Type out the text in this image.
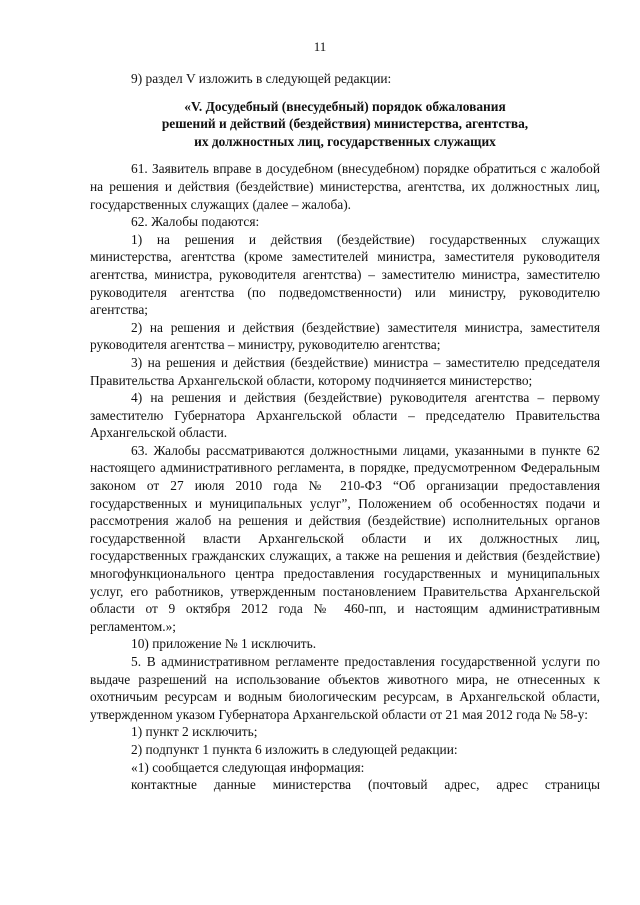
11

9) раздел V изложить в следующей редакции:

«V. Досудебный (внесудебный) порядок обжалования
решений и действий (бездействия) министерства, агентства,
их должностных лиц, государственных служащих

61. Заявитель вправе в досудебном (внесудебном) порядке обратиться с жалобой на решения и действия (бездействие) министерства, агентства, их должностных лиц, государственных служащих (далее – жалоба).

62. Жалобы подаются:

1) на решения и действия (бездействие) государственных служащих министерства, агентства (кроме заместителей министра, заместителя руководителя агентства, министра, руководителя агентства) – заместителю министра, заместителю руководителя агентства (по подведомственности) или министру, руководителю агентства;

2) на решения и действия (бездействие) заместителя министра, заместителя руководителя агентства – министру, руководителю агентства;

3) на решения и действия (бездействие) министра – заместителю председателя Правительства Архангельской области, которому подчиняется министерство;

4) на решения и действия (бездействие) руководителя агентства – первому заместителю Губернатора Архангельской области – председателю Правительства Архангельской области.

63. Жалобы рассматриваются должностными лицами, указанными в пункте 62 настоящего административного регламента, в порядке, предусмотренном Федеральным законом от 27 июля 2010 года № 210-ФЗ “Об организации предоставления государственных и муниципальных услуг”, Положением об особенностях подачи и рассмотрения жалоб на решения и действия (бездействие) исполнительных органов государственной власти Архангельской области и их должностных лиц, государственных гражданских служащих, а также на решения и действия (бездействие) многофункционального центра предоставления государственных и муниципальных услуг, его работников, утвержденным постановлением Правительства Архангельской области от 9 октября 2012 года № 460-пп, и настоящим административным регламентом.»;

10) приложение № 1 исключить.

5. В административном регламенте предоставления государственной услуги по выдаче разрешений на использование объектов животного мира, не отнесенных к охотничьим ресурсам и водным биологическим ресурсам, в Архангельской области, утвержденном указом Губернатора Архангельской области от 21 мая 2012 года № 58-у:

1) пункт 2 исключить;

2) подпункт 1 пункта 6 изложить в следующей редакции:

«1) сообщается следующая информация:

контактные данные министерства (почтовый адрес, адрес страницы
